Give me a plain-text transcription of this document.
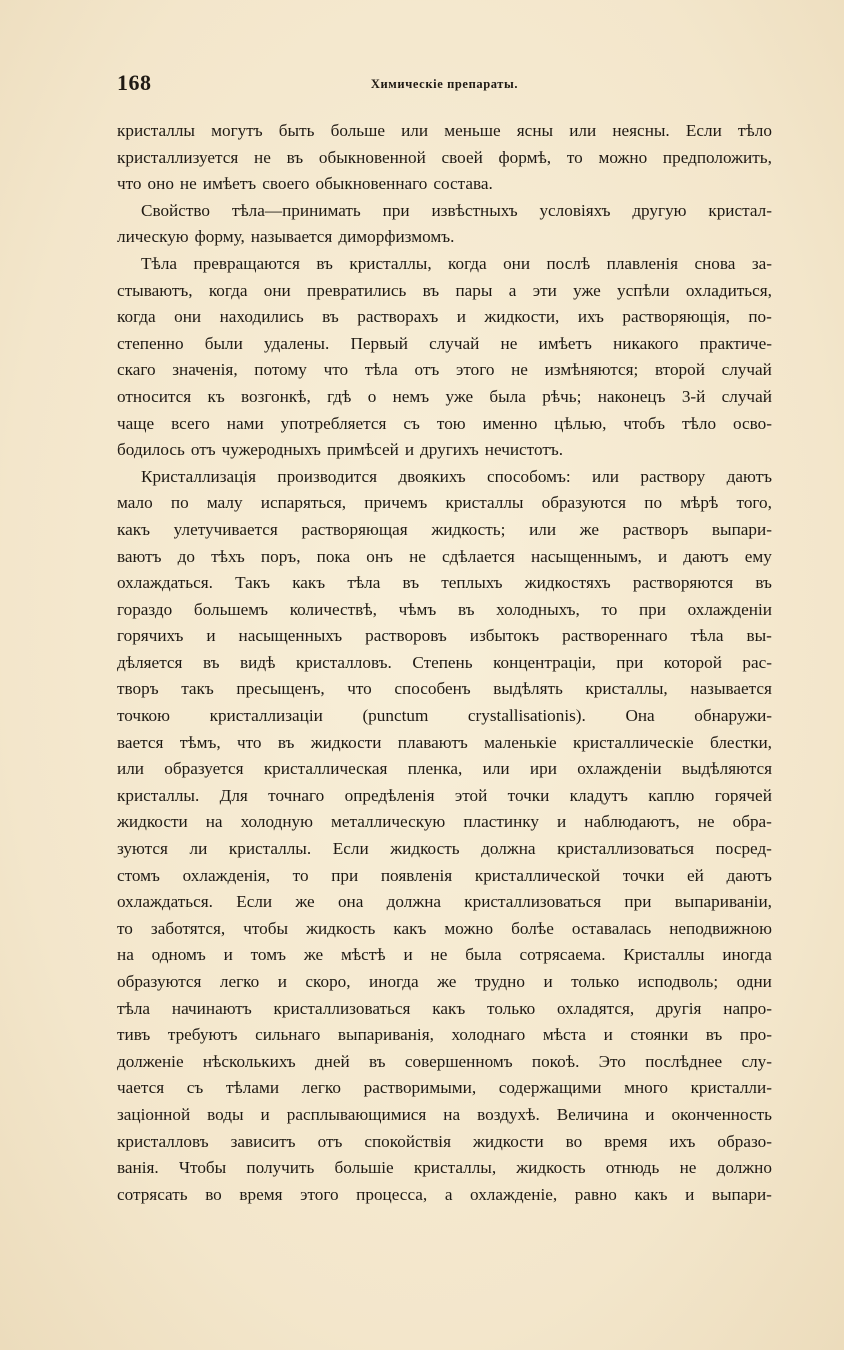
168	Химическіе препараты.
кристаллы могутъ быть больше или меньше ясны или неясны. Если тѣло
кристаллизуется не въ обыкновенной своей формѣ, то можно предположить,
что оно не имѣетъ своего обыкновеннаго состава.
Свойство тѣла—принимать при извѣстныхъ условіяхъ другую кристал-
лическую форму, называется диморфизмомъ.
Тѣла превращаются въ кристаллы, когда они послѣ плавленія снова за-
стываютъ, когда они превратились въ пары а эти уже успѣли охладиться,
когда они находились въ растворахъ и жидкости, ихъ растворяющія, по-
степенно были удалены. Первый случай не имѣетъ никакого практиче-
скаго значенія, потому что тѣла отъ этого не измѣняются; второй случай
относится къ возгонкѣ, гдѣ о немъ уже была рѣчь; наконецъ 3-й случай
чаще всего нами употребляется съ тою именно цѣлью, чтобъ тѣло осво-
бодилось отъ чужеродныхъ примѣсей и другихъ нечистотъ.
Кристаллизація производится двоякихъ способомъ: или раствору даютъ
мало по малу испаряться, причемъ кристаллы образуются по мѣрѣ того,
какъ улетучивается растворяющая жидкость; или же растворъ выпари-
ваютъ до тѣхъ поръ, пока онъ не сдѣлается насыщеннымъ, и даютъ ему
охлаждаться. Такъ какъ тѣла въ теплыхъ жидкостяхъ растворяются въ
гораздо большемъ количествѣ, чѣмъ въ холодныхъ, то при охлажденіи
горячихъ и насыщенныхъ растворовъ избытокъ раствореннаго тѣла вы-
дѣляется въ видѣ кристалловъ. Степень концентраціи, при которой рас-
творъ такъ пресыщенъ, что способенъ выдѣлять кристаллы, называется
точкою кристаллизаціи (punctum crystallisationis). Она обнаружи-
вается тѣмъ, что въ жидкости плаваютъ маленькіе кристаллическіе блестки,
или образуется кристаллическая пленка, или ири охлажденіи выдѣляются
кристаллы. Для точнаго опредѣленія этой точки кладутъ каплю горячей
жидкости на холодную металлическую пластинку и наблюдаютъ, не обра-
зуются ли кристаллы. Если жидкость должна кристаллизоваться посред-
стомъ охлажденія, то при появленія кристаллической точки ей даютъ
охлаждаться. Если же она должна кристаллизоваться при выпариваніи,
то заботятся, чтобы жидкость какъ можно болѣе оставалась неподвижною
на одномъ и томъ же мѣстѣ и не была сотрясаема. Кристаллы иногда
образуются легко и скоро, иногда же трудно и только исподволь; одни
тѣла начинаютъ кристаллизоваться какъ только охладятся, другія напро-
тивъ требуютъ сильнаго выпариванія, холоднаго мѣста и стоянки въ про-
долженіе нѣсколькихъ дней въ совершенномъ покоѣ. Это послѣднее слу-
чается съ тѣлами легко растворимыми, содержащими много кристалли-
заціонной воды и расплывающимися на воздухѣ. Величина и оконченность
кристалловъ зависитъ отъ спокойствія жидкости во время ихъ образо-
ванія. Чтобы получить большіе кристаллы, жидкость отнюдь не должно
сотрясать во время этого процесса, а охлажденіе, равно какъ и выпари-
